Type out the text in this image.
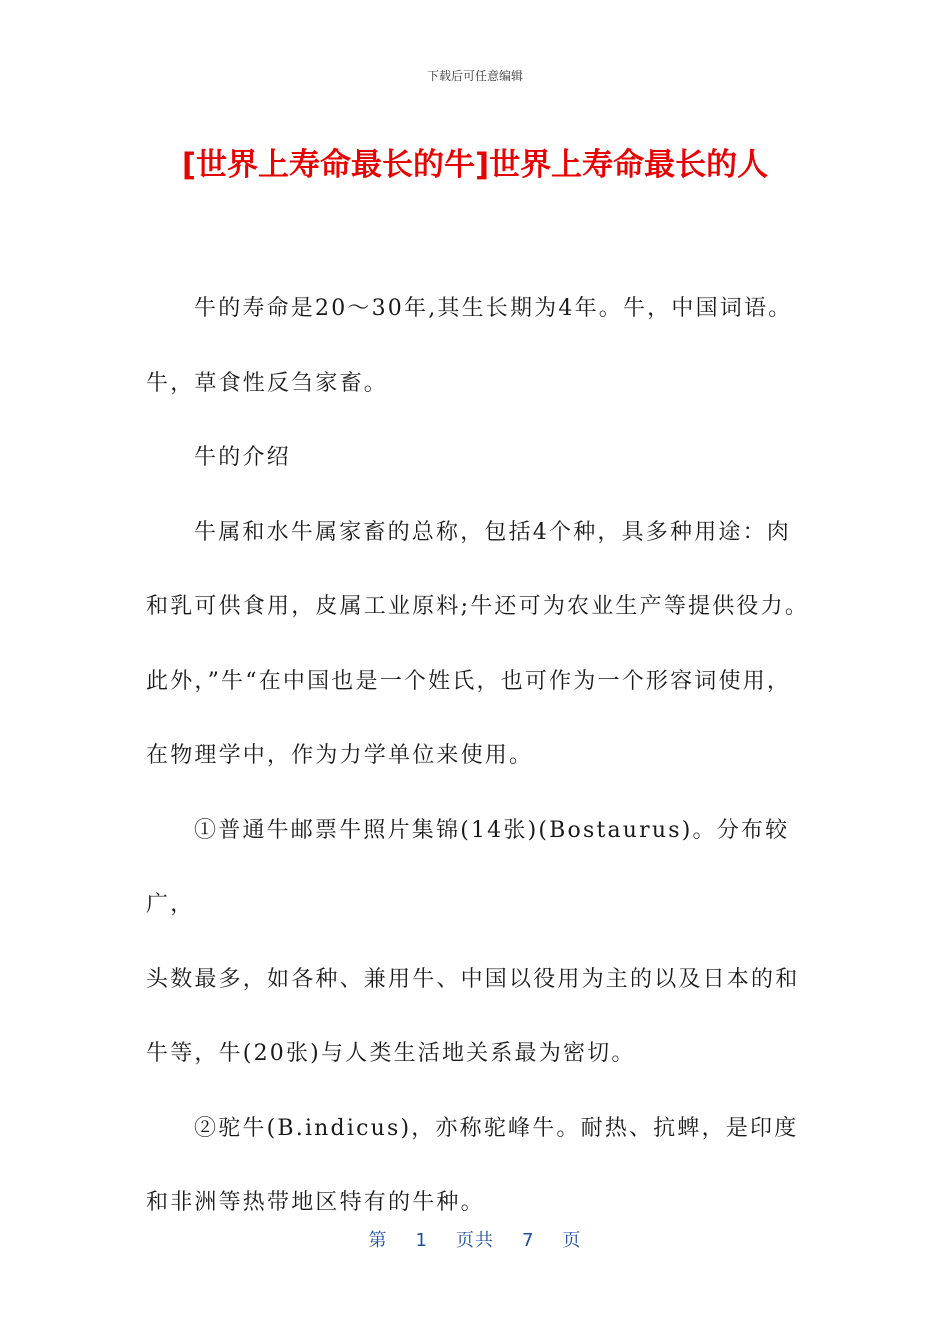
下载后可任意编辑
[世界上寿命最长的牛]世界上寿命最长的人

牛的寿命是20～30年,其生长期为4年。牛，中国词语。

牛，草食性反刍家畜。

牛的介绍

牛属和水牛属家畜的总称，包括4个种，具多种用途：肉

和乳可供食用，皮属工业原料;牛还可为农业生产等提供役力。

此外，”牛“在中国也是一个姓氏，也可作为一个形容词使用，

在物理学中，作为力学单位来使用。

①普通牛邮票牛照片集锦(14张)(Bostaurus)。分布较广，

头数最多，如各种、兼用牛、中国以役用为主的以及日本的和

牛等，牛(20张)与人类生活地关系最为密切。

②驼牛(B.indicus)，亦称驼峰牛。耐热、抗蜱，是印度

和非洲等热带地区特有的牛种。

第 1 页共 7 页
